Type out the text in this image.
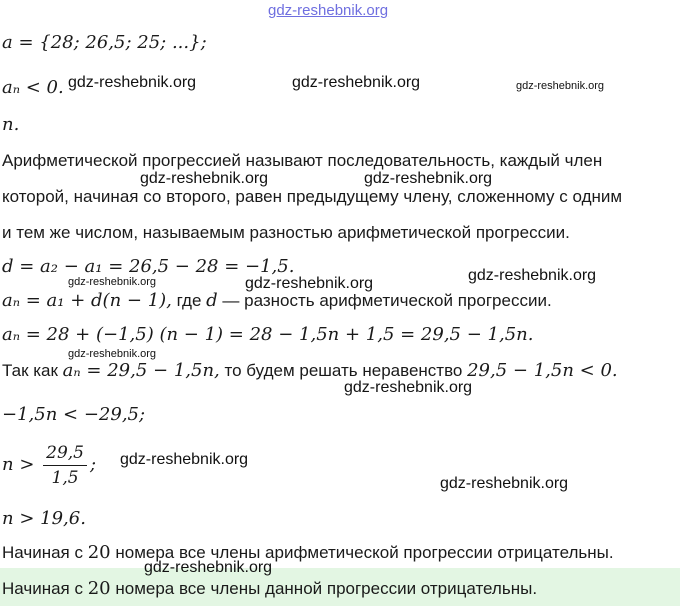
gdz-reshebnik.org
gdz-reshebnik.org	gdz-reshebnik.org	gdz-reshebnik.org
gdz-reshebnik.org	gdz-reshebnik.org
gdz-reshebnik.org	gdz-reshebnik.org	gdz-reshebnik.org
gdz-reshebnik.org
gdz-reshebnik.org
gdz-reshebnik.org
gdz-reshebnik.org
gdz-reshebnik.org
a = {28; 26,5; 25; ...};
aₙ < 0.
n.
Арифметической прогрессией называют последовательность, каждый член
которой, начиная со второго, равен предыдущему члену, сложенному с одним
и тем же числом, называемым разностью арифметической прогрессии.
d = a₂ − a₁ = 26,5 − 28 = −1,5.
aₙ = a₁ + d(n − 1), где d — разность арифметической прогрессии.
aₙ = 28 + (−1,5) (n − 1) = 28 − 1,5n + 1,5 = 29,5 − 1,5n.
Так как aₙ = 29,5 − 1,5n, то будем решать неравенство 29,5 − 1,5n < 0.
−1,5n < −29,5;
$n > \frac{29,5}{1,5}$ ;
n > 19,6.
Начиная с 20 номера все члены арифметической прогрессии отрицательны.
Начиная с 20 номера все члены данной прогрессии отрицательны.
